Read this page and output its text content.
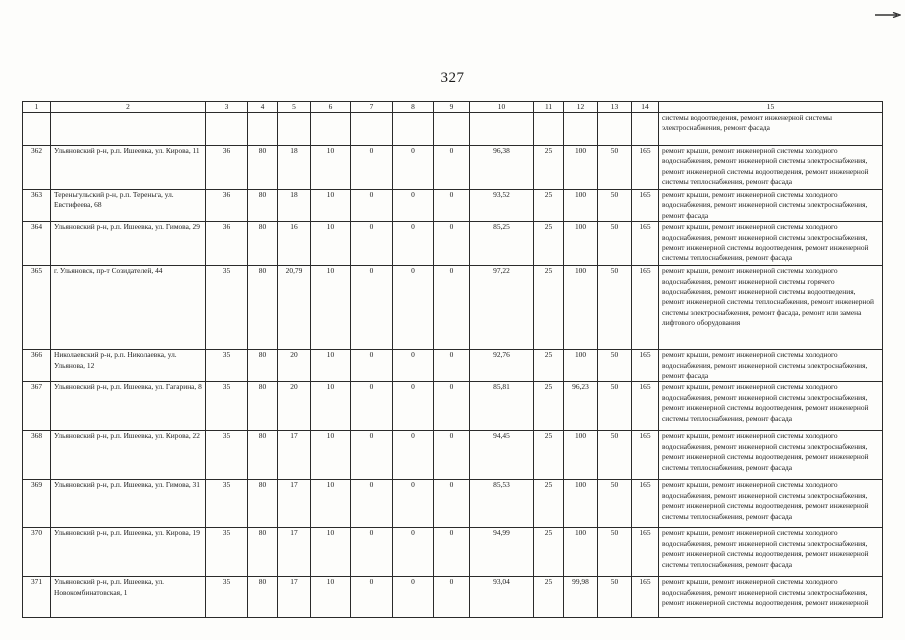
327
1	2	3	4	5	6	7	8	9	10	11	12	13	14	15
														системы водоотведения, ремонт инженерной системы электроснабжения, ремонт фасада
362	Ульяновский р-н, р.п. Ишеевка, ул. Кирова, 11	36	80	18	10	0	0	0	96,38	25	100	50	165	ремонт крыши, ремонт инженерной системы холодного водоснабжения, ремонт инженерной системы электроснабжения, ремонт инженерной системы водоотведения, ремонт инженерной системы теплоснабжения, ремонт фасада
363	Тереньгульский р-н, р.п. Тереньга, ул. Евстифеева, 68	36	80	18	10	0	0	0	93,52	25	100	50	165	ремонт крыши, ремонт инженерной системы холодного водоснабжения, ремонт инженерной системы электроснабжения, ремонт фасада
364	Ульяновский р-н, р.п. Ишеевка, ул. Гимова, 29	36	80	16	10	0	0	0	85,25	25	100	50	165	ремонт крыши, ремонт инженерной системы холодного водоснабжения, ремонт инженерной системы электроснабжения, ремонт инженерной системы водоотведения, ремонт инженерной системы теплоснабжения, ремонт фасада
365	г. Ульяновск, пр-т Созидателей, 44	35	80	20,79	10	0	0	0	97,22	25	100	50	165	ремонт крыши, ремонт инженерной системы холодного водоснабжения, ремонт инженерной системы горячего водоснабжения, ремонт инженерной системы водоотведения, ремонт инженерной системы теплоснабжения, ремонт инженерной системы электроснабжения, ремонт фасада, ремонт или замена лифтового оборудования
366	Николаевский р-н, р.п. Николаевка, ул. Ульянова, 12	35	80	20	10	0	0	0	92,76	25	100	50	165	ремонт крыши, ремонт инженерной системы холодного водоснабжения, ремонт инженерной системы электроснабжения, ремонт фасада
367	Ульяновский р-н, р.п. Ишеевка, ул. Гагарина, 8	35	80	20	10	0	0	0	85,81	25	96,23	50	165	ремонт крыши, ремонт инженерной системы холодного водоснабжения, ремонт инженерной системы электроснабжения, ремонт инженерной системы водоотведения, ремонт инженерной системы теплоснабжения, ремонт фасада
368	Ульяновский р-н, р.п. Ишеевка, ул. Кирова, 22	35	80	17	10	0	0	0	94,45	25	100	50	165	ремонт крыши, ремонт инженерной системы холодного водоснабжения, ремонт инженерной системы электроснабжения, ремонт инженерной системы водоотведения, ремонт инженерной системы теплоснабжения, ремонт фасада
369	Ульяновский р-н, р.п. Ишеевка, ул. Гимова, 31	35	80	17	10	0	0	0	85,53	25	100	50	165	ремонт крыши, ремонт инженерной системы холодного водоснабжения, ремонт инженерной системы электроснабжения, ремонт инженерной системы водоотведения, ремонт инженерной системы теплоснабжения, ремонт фасада
370	Ульяновский р-н, р.п. Ишеевка, ул. Кирова, 19	35	80	17	10	0	0	0	94,99	25	100	50	165	ремонт крыши, ремонт инженерной системы холодного водоснабжения, ремонт инженерной системы электроснабжения, ремонт инженерной системы водоотведения, ремонт инженерной системы теплоснабжения, ремонт фасада
371	Ульяновский р-н, р.п. Ишеевка, ул. Новокомбинатовская, 1	35	80	17	10	0	0	0	93,04	25	99,98	50	165	ремонт крыши, ремонт инженерной системы холодного водоснабжения, ремонт инженерной системы электроснабжения, ремонт инженерной системы водоотведения, ремонт инженерной
